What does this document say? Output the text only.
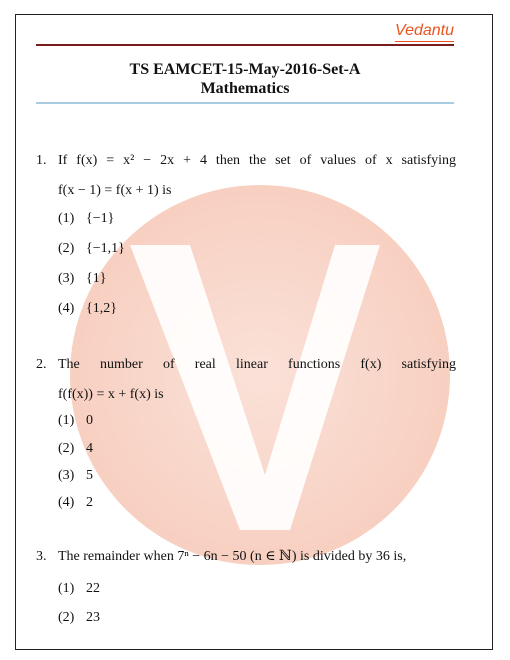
Vedantu
TS EAMCET-15-May-2016-Set-A
Mathematics
1. If f(x) = x² − 2x + 4 then the set of values of x satisfying
f(x − 1) = f(x + 1) is
(1) {−1}
(2) {−1,1}
(3) {1}
(4) {1,2}
2. The number of real linear functions f(x) satisfying
f(f(x)) = x + f(x) is
(1) 0
(2) 4
(3) 5
(4) 2
3. The remainder when 7ⁿ − 6n − 50 (n ∈ ℕ) is divided by 36 is,
(1) 22
(2) 23
